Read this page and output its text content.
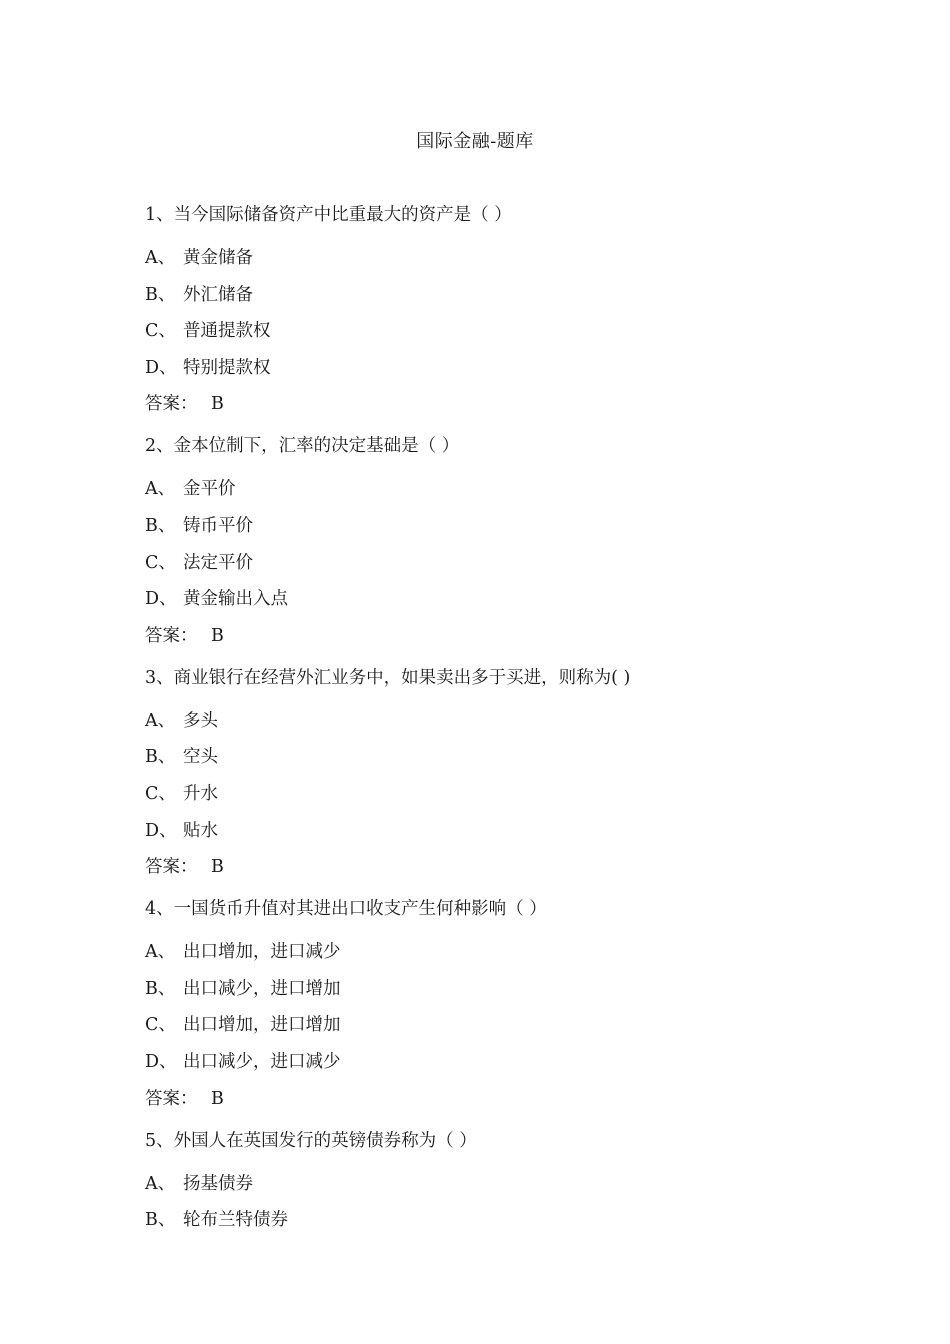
国际金融-题库
1、当今国际储备资产中比重最大的资产是（ ）
A、 黄金储备
B、 外汇储备
C、 普通提款权
D、 特别提款权
答案： B
2、金本位制下，汇率的决定基础是（ ）
A、 金平价
B、 铸币平价
C、 法定平价
D、 黄金输出入点
答案： B
3、商业银行在经营外汇业务中，如果卖出多于买进，则称为( )
A、 多头
B、 空头
C、 升水
D、 贴水
答案： B
4、一国货币升值对其进出口收支产生何种影响（ ）
A、 出口增加，进口减少
B、 出口减少，进口增加
C、 出口增加，进口增加
D、 出口减少，进口减少
答案： B
5、外国人在英国发行的英镑债券称为（ ）
A、 扬基债券
B、 轮布兰特债券
